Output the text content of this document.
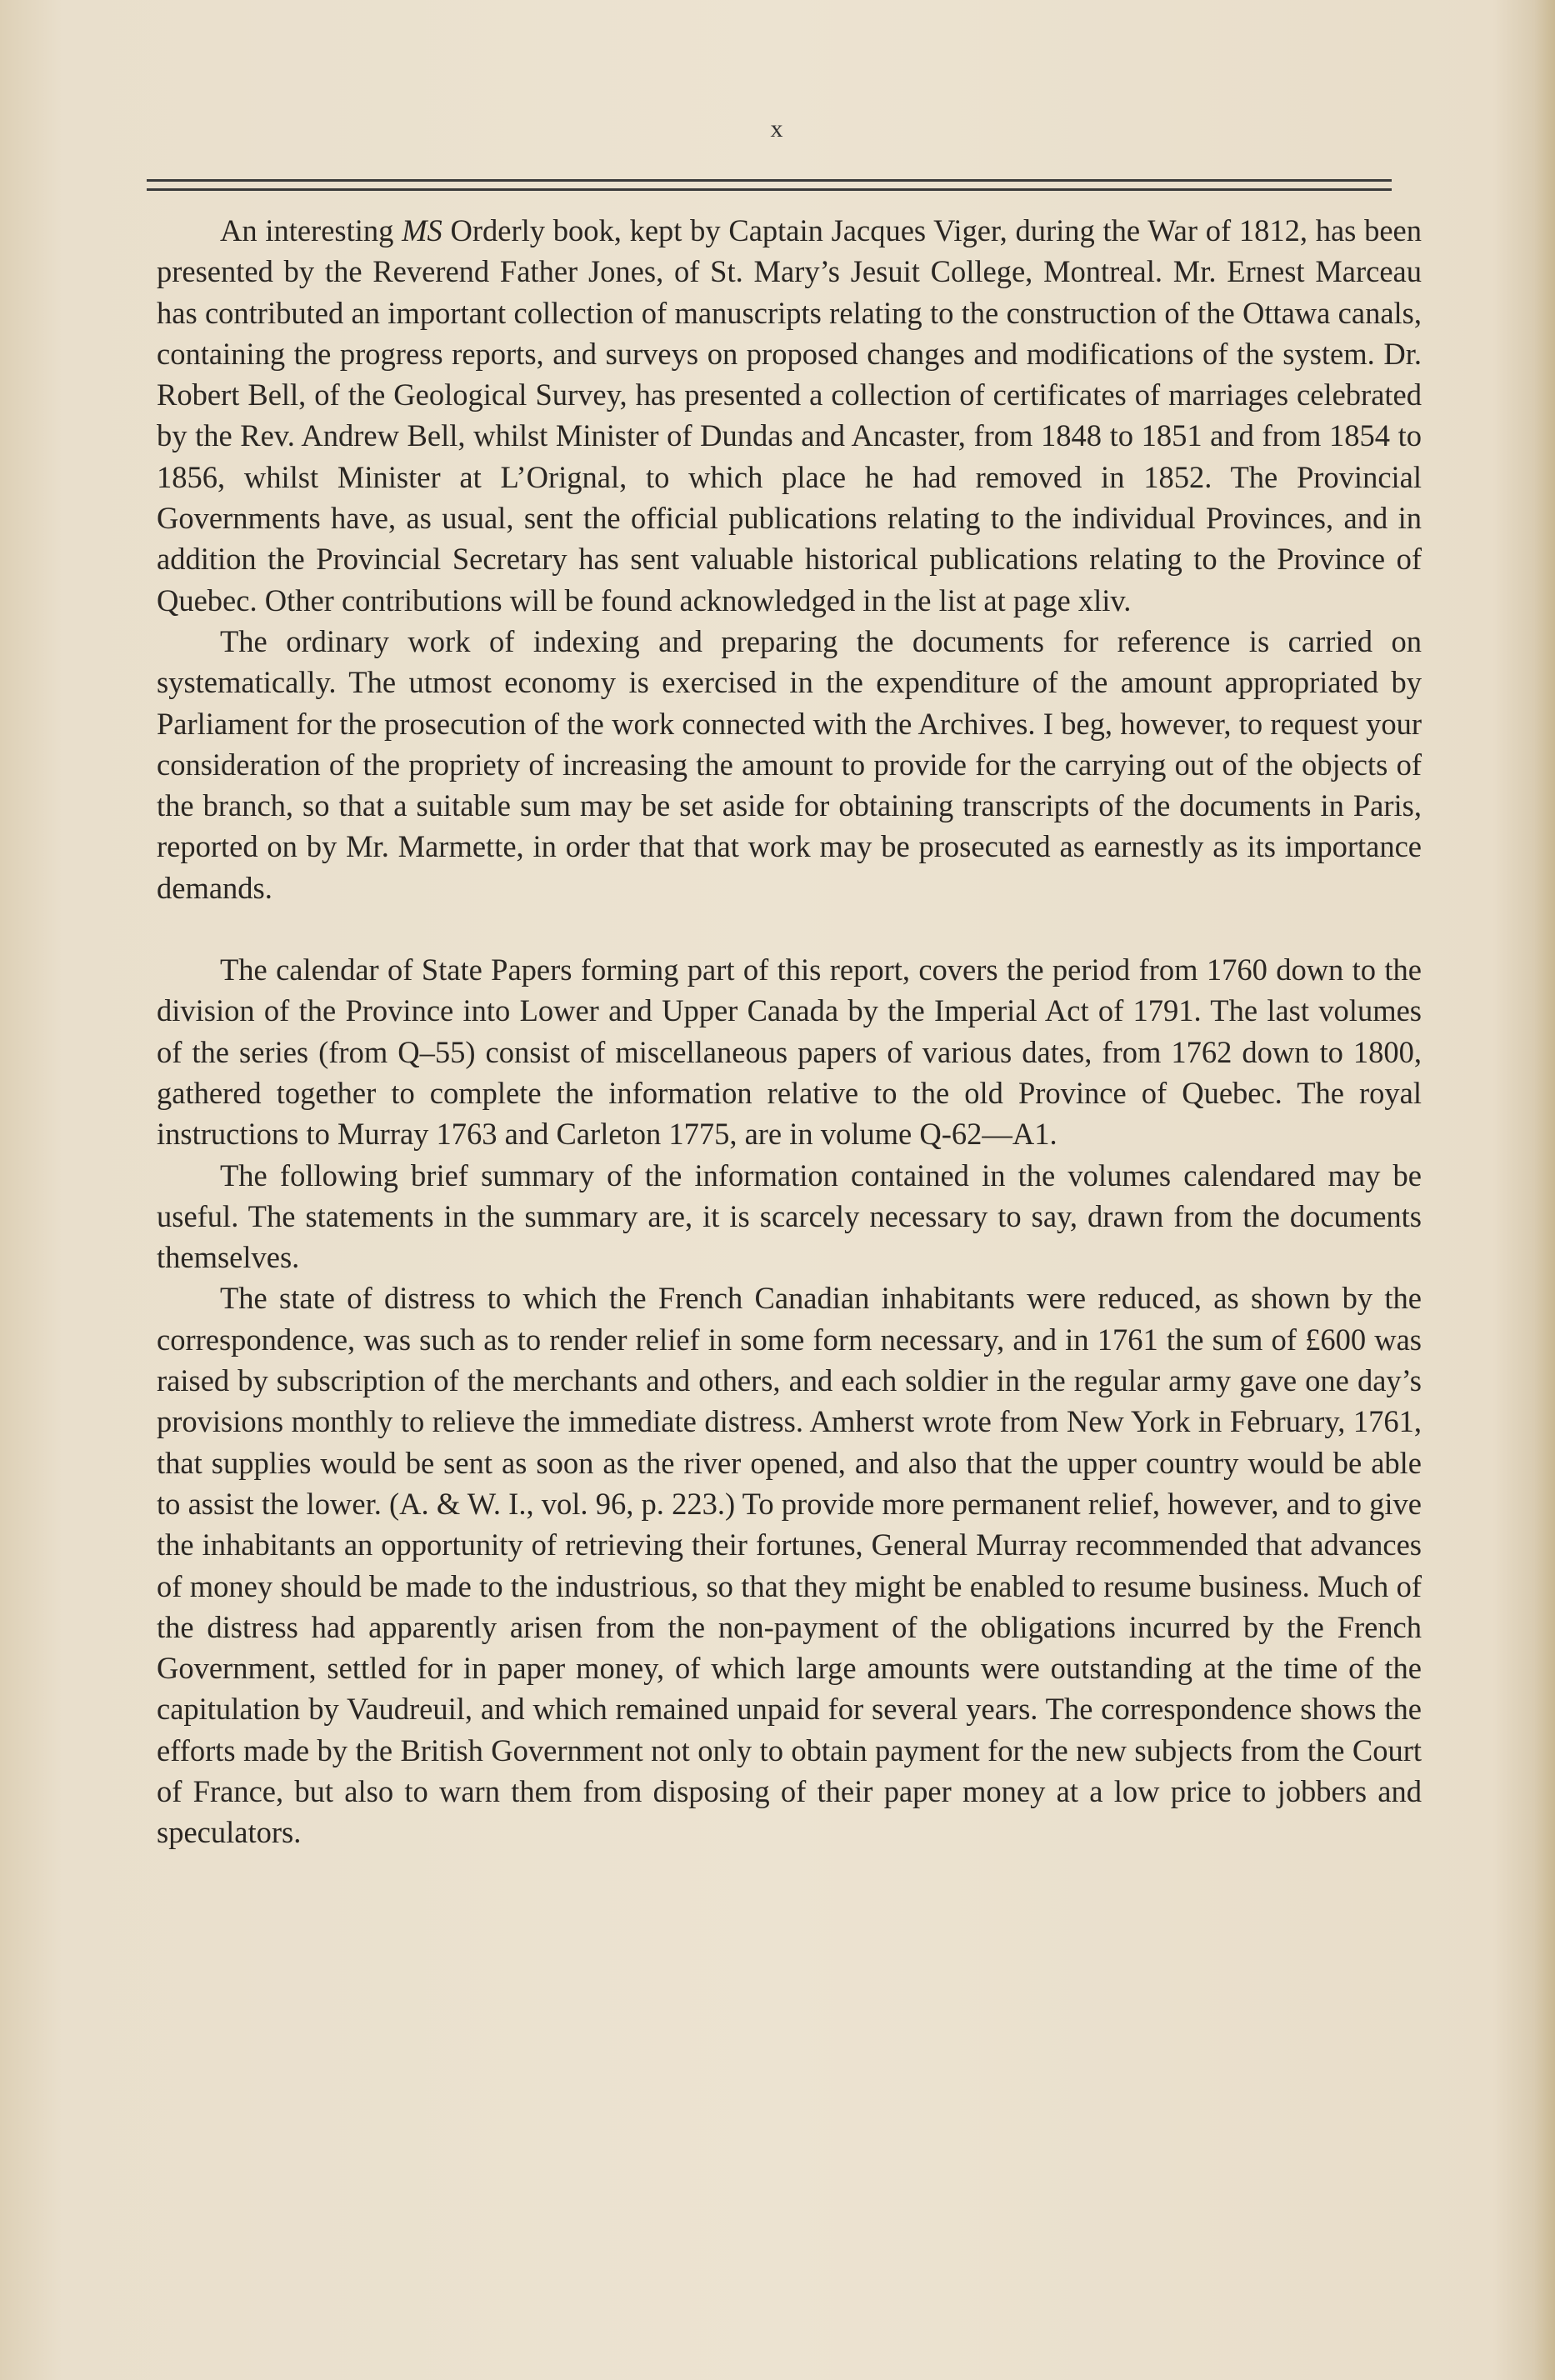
x

An interesting MS Orderly book, kept by Captain Jacques Viger, during the War of 1812, has been presented by the Reverend Father Jones, of St. Mary’s Jesuit College, Montreal. Mr. Ernest Marceau has contributed an important collection of manuscripts relating to the construction of the Ottawa canals, containing the progress reports, and surveys on proposed changes and modifications of the system. Dr. Robert Bell, of the Geological Survey, has presented a collection of certificates of marriages celebrated by the Rev. Andrew Bell, whilst Minister of Dundas and Ancaster, from 1848 to 1851 and from 1854 to 1856, whilst Minister at L’Orignal, to which place he had removed in 1852. The Provincial Governments have, as usual, sent the official publications relating to the individual Provinces, and in addition the Provincial Secretary has sent valuable historical publications relating to the Province of Quebec. Other contributions will be found acknowledged in the list at page xliv.

The ordinary work of indexing and preparing the documents for reference is carried on systematically. The utmost economy is exercised in the expenditure of the amount appropriated by Parliament for the prosecution of the work connected with the Archives. I beg, however, to request your consideration of the propriety of increasing the amount to provide for the carrying out of the objects of the branch, so that a suitable sum may be set aside for obtaining transcripts of the documents in Paris, reported on by Mr. Marmette, in order that that work may be prosecuted as earnestly as its importance demands.

The calendar of State Papers forming part of this report, covers the period from 1760 down to the division of the Province into Lower and Upper Canada by the Imperial Act of 1791. The last volumes of the series (from Q–55) consist of miscellaneous papers of various dates, from 1762 down to 1800, gathered together to complete the information relative to the old Province of Quebec. The royal instructions to Murray 1763 and Carleton 1775, are in volume Q-62—A1.

The following brief summary of the information contained in the volumes calendared may be useful. The statements in the summary are, it is scarcely necessary to say, drawn from the documents themselves.

The state of distress to which the French Canadian inhabitants were reduced, as shown by the correspondence, was such as to render relief in some form necessary, and in 1761 the sum of £600 was raised by subscription of the merchants and others, and each soldier in the regular army gave one day’s provisions monthly to relieve the immediate distress. Amherst wrote from New York in February, 1761, that supplies would be sent as soon as the river opened, and also that the upper country would be able to assist the lower. (A. & W. I., vol. 96, p. 223.) To provide more permanent relief, however, and to give the inhabitants an opportunity of retrieving their fortunes, General Murray recommended that advances of money should be made to the industrious, so that they might be enabled to resume business. Much of the distress had apparently arisen from the non-payment of the obligations incurred by the French Government, settled for in paper money, of which large amounts were outstanding at the time of the capitulation by Vaudreuil, and which remained unpaid for several years. The correspondence shows the efforts made by the British Government not only to obtain payment for the new subjects from the Court of France, but also to warn them from disposing of their paper money at a low price to jobbers and speculators.
